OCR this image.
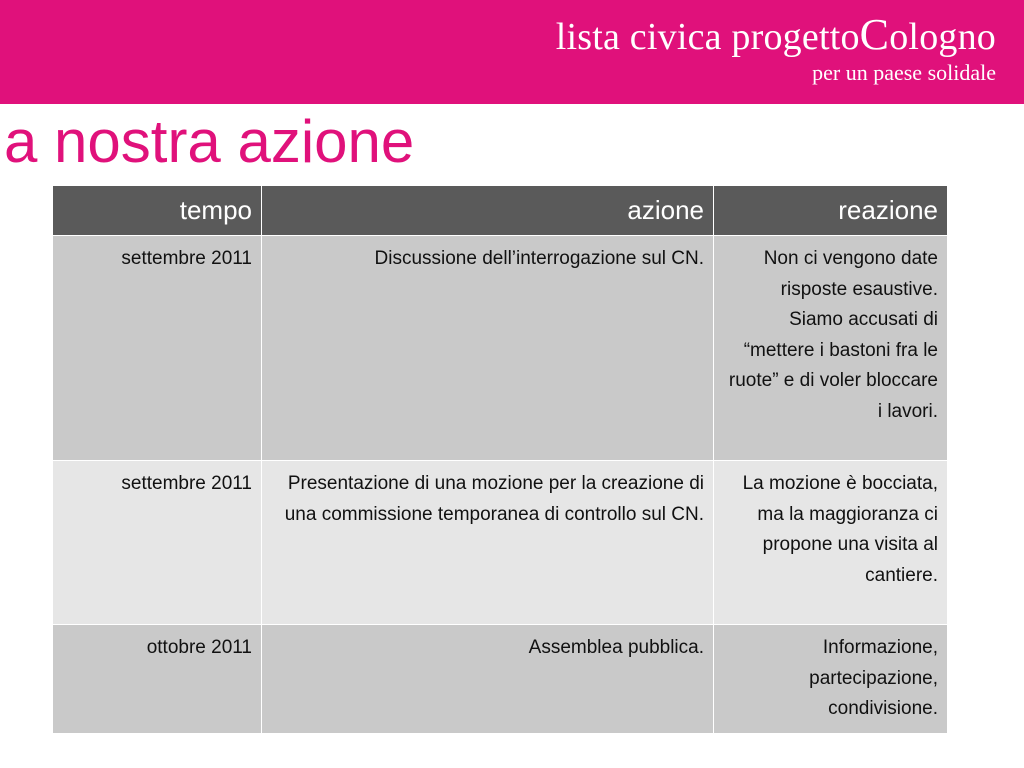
lista civica progettoCologno
per un paese solidale
a nostra azione
tempo	azione	reazione
settembre 2011	Discussione dell’interrogazione sul CN.	Non ci vengono date risposte esaustive. Siamo accusati di “mettere i bastoni fra le ruote” e di voler bloccare i lavori.
settembre 2011	Presentazione di una mozione per la creazione di una commissione temporanea di controllo sul CN.	La mozione è bocciata, ma la maggioranza ci propone una visita al cantiere.
ottobre 2011	Assemblea pubblica.	Informazione, partecipazione, condivisione.
